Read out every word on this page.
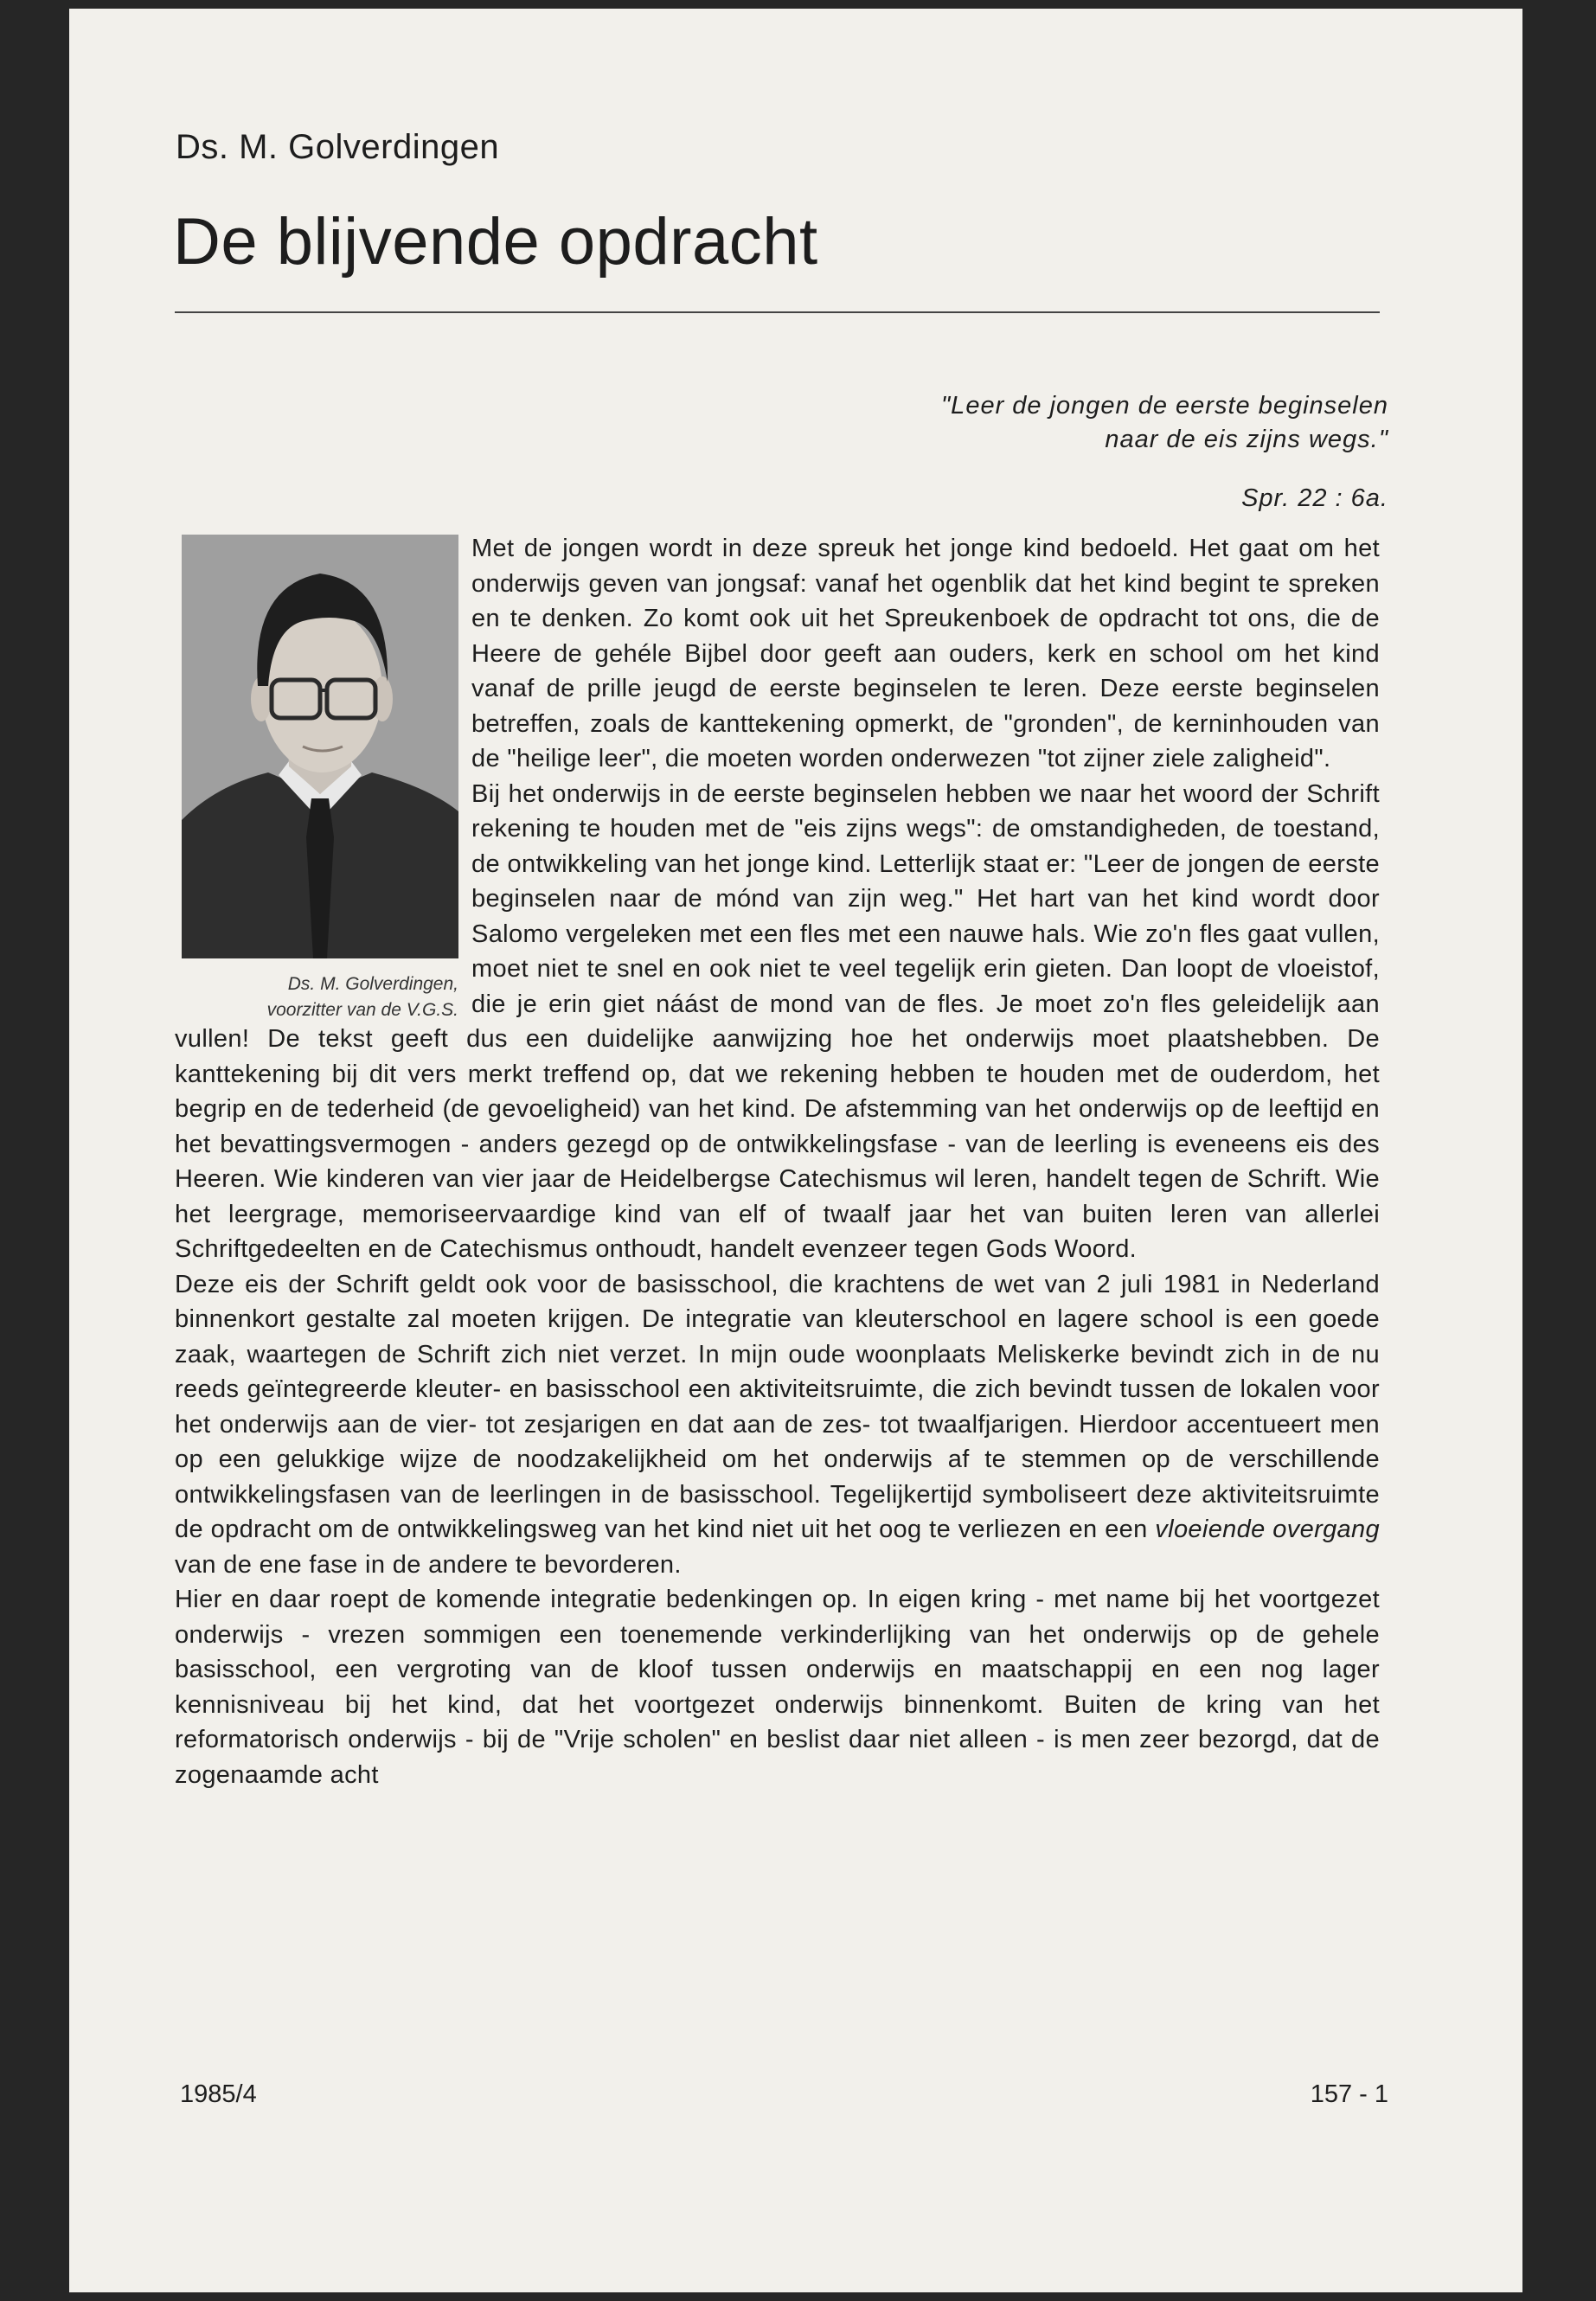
Ds. M. Golverdingen
De blijvende opdracht
"Leer de jongen de eerste beginselen
naar de eis zijns wegs."
Spr. 22 : 6a.
Ds. M. Golverdingen,
voorzitter van de V.G.S.

Met de jongen wordt in deze spreuk het jonge kind bedoeld. Het gaat om het onderwijs geven van jongsaf: vanaf het ogenblik dat het kind begint te spreken en te denken. Zo komt ook uit het Spreukenboek de opdracht tot ons, die de Heere de gehéle Bijbel door geeft aan ouders, kerk en school om het kind vanaf de prille jeugd de eerste beginselen te leren. Deze eerste beginselen betreffen, zoals de kanttekening opmerkt, de "gronden", de kerninhouden van de "heilige leer", die moeten worden onderwezen "tot zijner ziele zaligheid".

Bij het onderwijs in de eerste beginselen hebben we naar het woord der Schrift rekening te houden met de "eis zijns wegs": de omstandigheden, de toestand, de ontwikkeling van het jonge kind. Letterlijk staat er: "Leer de jongen de eerste beginselen naar de mónd van zijn weg." Het hart van het kind wordt door Salomo vergeleken met een fles met een nauwe hals. Wie zo'n fles gaat vullen, moet niet te snel en ook niet te veel tegelijk erin gieten. Dan loopt de vloeistof, die je erin giet náást de mond van de fles. Je moet zo'n fles geleidelijk aan vullen! De tekst geeft dus een duidelijke aanwijzing hoe het onderwijs moet plaatshebben. De kanttekening bij dit vers merkt treffend op, dat we rekening hebben te houden met de ouderdom, het begrip en de tederheid (de gevoeligheid) van het kind. De afstemming van het onderwijs op de leeftijd en het bevattingsvermogen - anders gezegd op de ontwikkelingsfase - van de leerling is eveneens eis des Heeren. Wie kinderen van vier jaar de Heidelbergse Catechismus wil leren, handelt tegen de Schrift. Wie het leergrage, memoriseervaardige kind van elf of twaalf jaar het van buiten leren van allerlei Schriftgedeelten en de Catechismus onthoudt, handelt evenzeer tegen Gods Woord.

Deze eis der Schrift geldt ook voor de basisschool, die krachtens de wet van 2 juli 1981 in Nederland binnenkort gestalte zal moeten krijgen. De integratie van kleuterschool en lagere school is een goede zaak, waartegen de Schrift zich niet verzet. In mijn oude woonplaats Meliskerke bevindt zich in de nu reeds geïntegreerde kleuter- en basisschool een aktiviteitsruimte, die zich bevindt tussen de lokalen voor het onderwijs aan de vier- tot zesjarigen en dat aan de zes- tot twaalfjarigen. Hierdoor accentueert men op een gelukkige wijze de noodzakelijkheid om het onderwijs af te stemmen op de verschillende ontwikkelingsfasen van de leerlingen in de basisschool. Tegelijkertijd symboliseert deze aktiviteitsruimte de opdracht om de ontwikkelingsweg van het kind niet uit het oog te verliezen en een vloeiende overgang van de ene fase in de andere te bevorderen.

Hier en daar roept de komende integratie bedenkingen op. In eigen kring - met name bij het voortgezet onderwijs - vrezen sommigen een toenemende verkinderlijking van het onderwijs op de gehele basisschool, een vergroting van de kloof tussen onderwijs en maatschappij en een nog lager kennisniveau bij het kind, dat het voortgezet onderwijs binnenkomt. Buiten de kring van het reformatorisch onderwijs - bij de "Vrije scholen" en beslist daar niet alleen - is men zeer bezorgd, dat de zogenaamde acht

1985/4	157 - 1
